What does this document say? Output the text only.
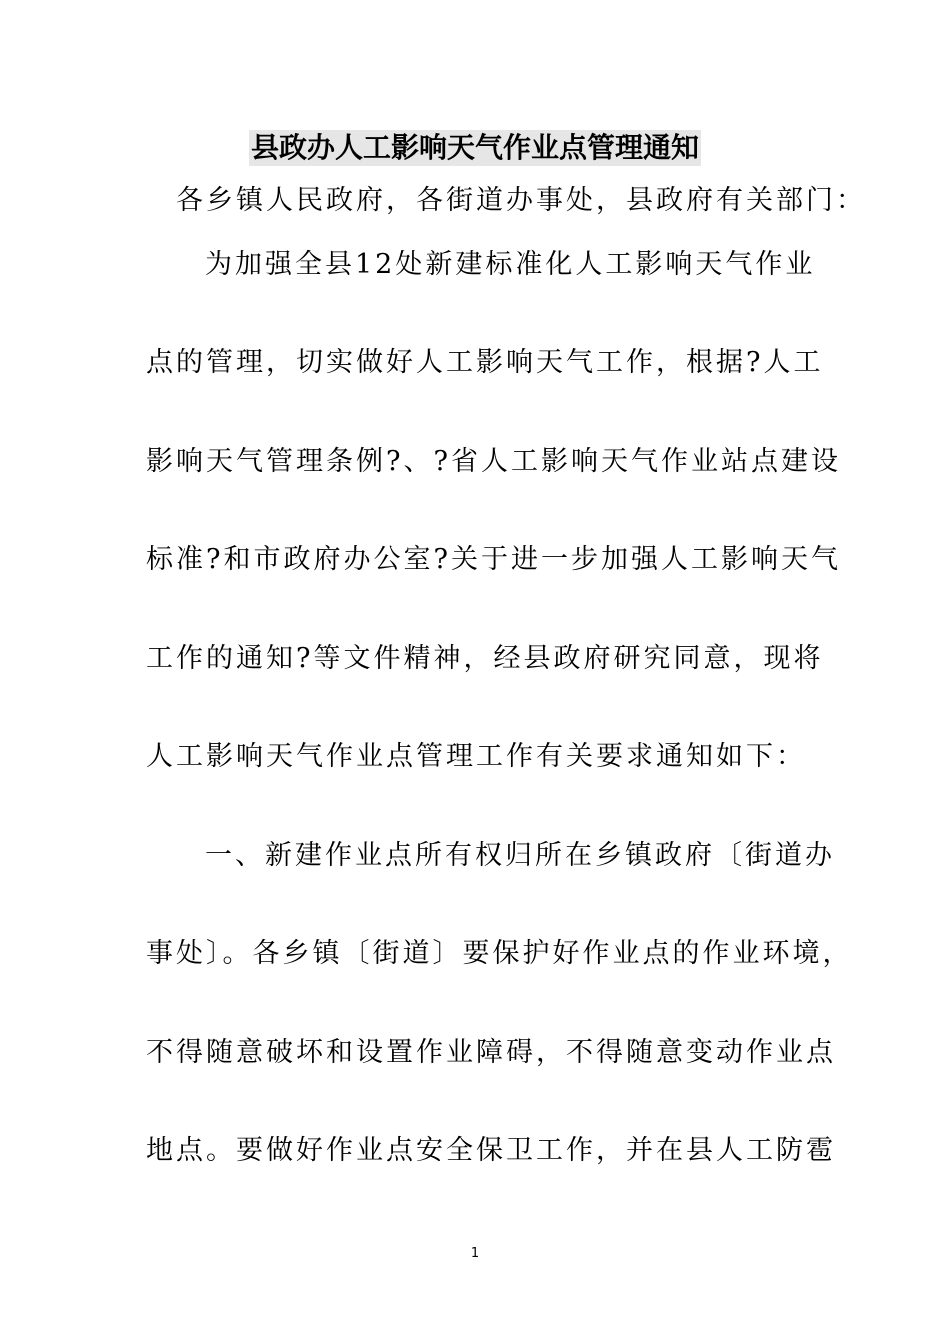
县政办人工影响天气作业点管理通知
各乡镇人民政府，各街道办事处，县政府有关部门：
为加强全县12处新建标准化人工影响天气作业
点的管理，切实做好人工影响天气工作，根据?人工
影响天气管理条例?、?省人工影响天气作业站点建设
标准?和市政府办公室?关于进一步加强人工影响天气
工作的通知?等文件精神，经县政府研究同意，现将
人工影响天气作业点管理工作有关要求通知如下：
一、新建作业点所有权归所在乡镇政府〔街道办
事处〕。各乡镇〔街道〕要保护好作业点的作业环境，
不得随意破坏和设置作业障碍，不得随意变动作业点
地点。要做好作业点安全保卫工作，并在县人工防雹
1
